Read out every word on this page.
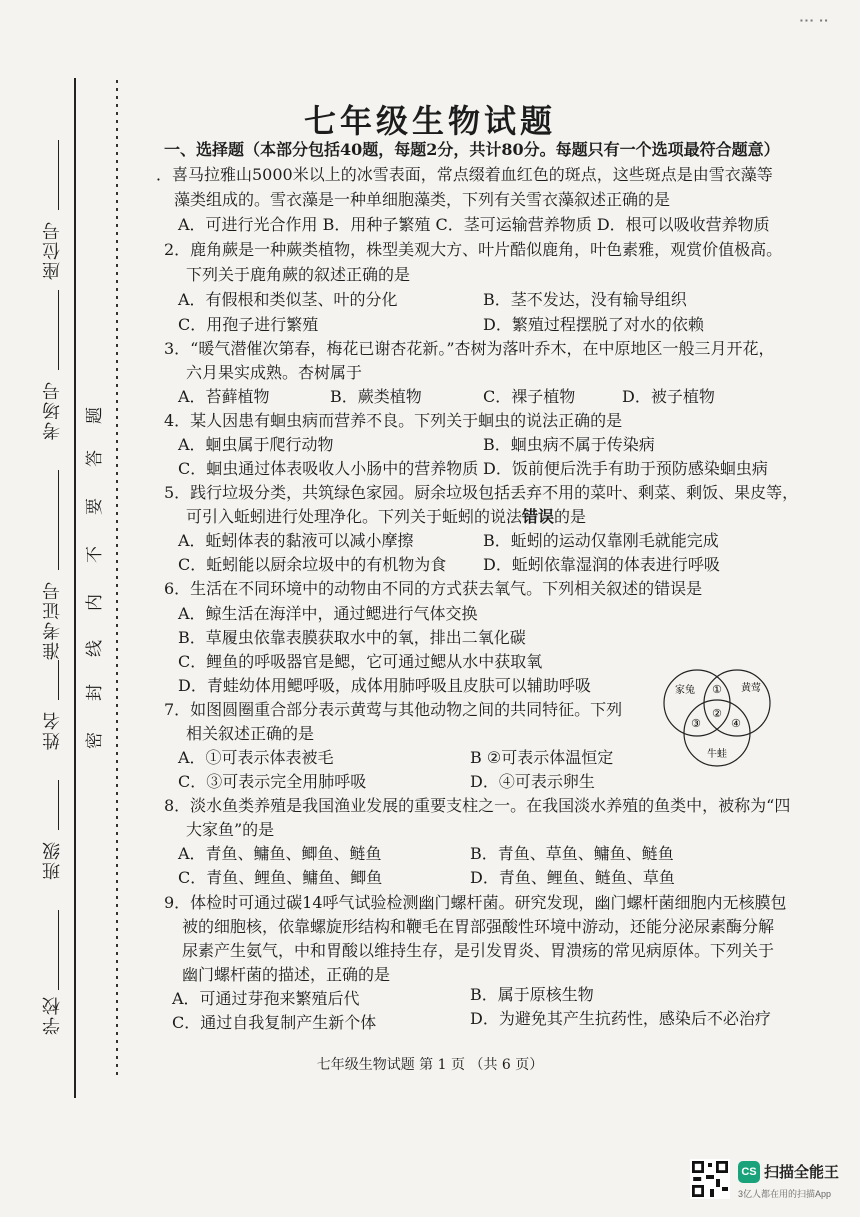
座位号
考场号
准考证号
姓名
班级
学校
题
答
要
不
内
线
封
密
▪ ▪ ▪   ▪ ▪
七年级生物试题
一、选择题（本部分包括40题，每题2分，共计80分。每题只有一个选项最符合题意）
．喜马拉雅山5000米以上的冰雪表面，常点缀着血红色的斑点，这些斑点是由雪衣藻等
藻类组成的。雪衣藻是一种单细胞藻类，下列有关雪衣藻叙述正确的是
A．可进行光合作用 B．用种子繁殖 C．茎可运输营养物质 D．根可以吸收营养物质
2．鹿角蕨是一种蕨类植物，株型美观大方、叶片酷似鹿角，叶色素雅，观赏价值极高。
下列关于鹿角蕨的叙述正确的是
A．有假根和类似茎、叶的分化	B．茎不发达，没有输导组织
C．用孢子进行繁殖	D．繁殖过程摆脱了对水的依赖
3．“暖气潜催次第春，梅花已谢杏花新。”杏树为落叶乔木，在中原地区一般三月开花，
六月果实成熟。杏树属于
A．苔藓植物	B．蕨类植物	C．裸子植物	D．被子植物
4．某人因患有蛔虫病而营养不良。下列关于蛔虫的说法正确的是
A．蛔虫属于爬行动物	B．蛔虫病不属于传染病
C．蛔虫通过体表吸收人小肠中的营养物质 D．饭前便后洗手有助于预防感染蛔虫病
5．践行垃圾分类，共筑绿色家园。厨余垃圾包括丢弃不用的菜叶、剩菜、剩饭、果皮等，
可引入蚯蚓进行处理净化。下列关于蚯蚓的说法错误的是
A．蚯蚓体表的黏液可以减小摩擦	B．蚯蚓的运动仅靠刚毛就能完成
C．蚯蚓能以厨余垃圾中的有机物为食 D．蚯蚓依靠湿润的体表进行呼吸
6．生活在不同环境中的动物由不同的方式获去氧气。下列相关叙述的错误是
A．鲸生活在海洋中，通过鳃进行气体交换
B．草履虫依靠表膜获取水中的氧，排出二氧化碳
C．鲤鱼的呼吸器官是鳃，它可通过鳃从水中获取氧
D．青蛙幼体用鳃呼吸，成体用肺呼吸且皮肤可以辅助呼吸
7．如图圆圈重合部分表示黄莺与其他动物之间的共同特征。下列
相关叙述正确的是
A．①可表示体表被毛	B ②可表示体温恒定
C．③可表示完全用肺呼吸	D．④可表示卵生
家兔	黄莺
牛蛙
①
②
③	④
8．淡水鱼类养殖是我国渔业发展的重要支柱之一。在我国淡水养殖的鱼类中，被称为“四
大家鱼”的是
A．青鱼、鳙鱼、鲫鱼、鲢鱼	B．青鱼、草鱼、鳙鱼、鲢鱼
C．青鱼、鲤鱼、鳙鱼、鲫鱼	D．青鱼、鲤鱼、鲢鱼、草鱼
9．体检时可通过碳14呼气试验检测幽门螺杆菌。研究发现，幽门螺杆菌细胞内无核膜包
被的细胞核，依靠螺旋形结构和鞭毛在胃部强酸性环境中游动，还能分泌尿素酶分解
尿素产生氨气，中和胃酸以维持生存，是引发胃炎、胃溃疡的常见病原体。下列关于
幽门螺杆菌的描述，正确的是
A．可通过芽孢来繁殖后代	B．属于原核生物
C．通过自我复制产生新个体	D．为避免其产生抗药性，感染后不必治疗
七年级生物试题 第 1 页 （共 6 页）
CS 扫描全能王
3亿人都在用的扫描App
